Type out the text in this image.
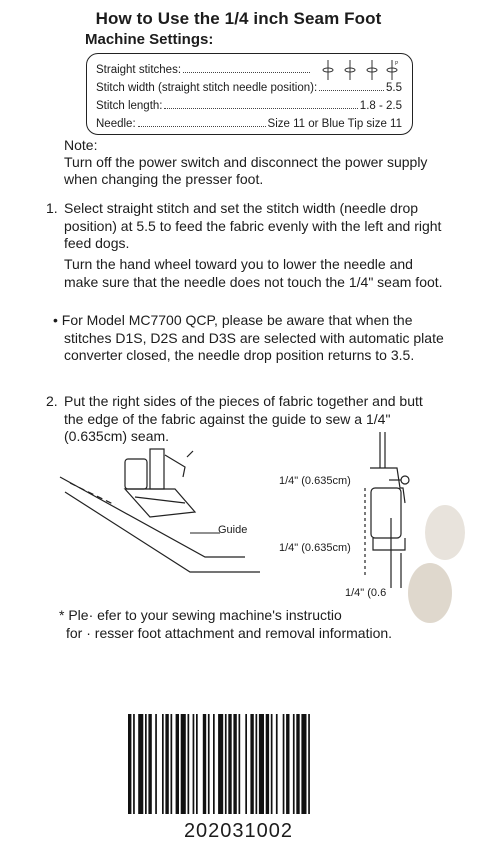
How to Use the 1/4 inch Seam Foot
Machine Settings:
P
Straight stitches:
Stitch width (straight stitch needle position):	5.5
Stitch length:	1.8 - 2.5
Needle:	Size 11 or Blue Tip size 11
Note:
Turn off the power switch and disconnect the power supply when changing the presser foot.
1. Select straight stitch and set the stitch width (needle drop position) at 5.5 to feed the fabric evenly with the left and right feed dogs.
Turn the hand wheel toward you to lower the needle and make sure that the needle does not touch the 1/4" seam foot.
• For Model MC7700 QCP, please be aware that when the stitches D1S, D2S and D3S are selected with automatic plate converter closed, the needle drop position returns to 3.5.
2. Put the right sides of the pieces of fabric together and butt the edge of the fabric against the guide to sew a 1/4" (0.635cm) seam.
Guide
1/4" (0.635cm)
1/4" (0.635cm)
1/4" (0.6
* Ple· efer to your sewing machine's instructio
for · resser foot attachment and removal information.
202031002
